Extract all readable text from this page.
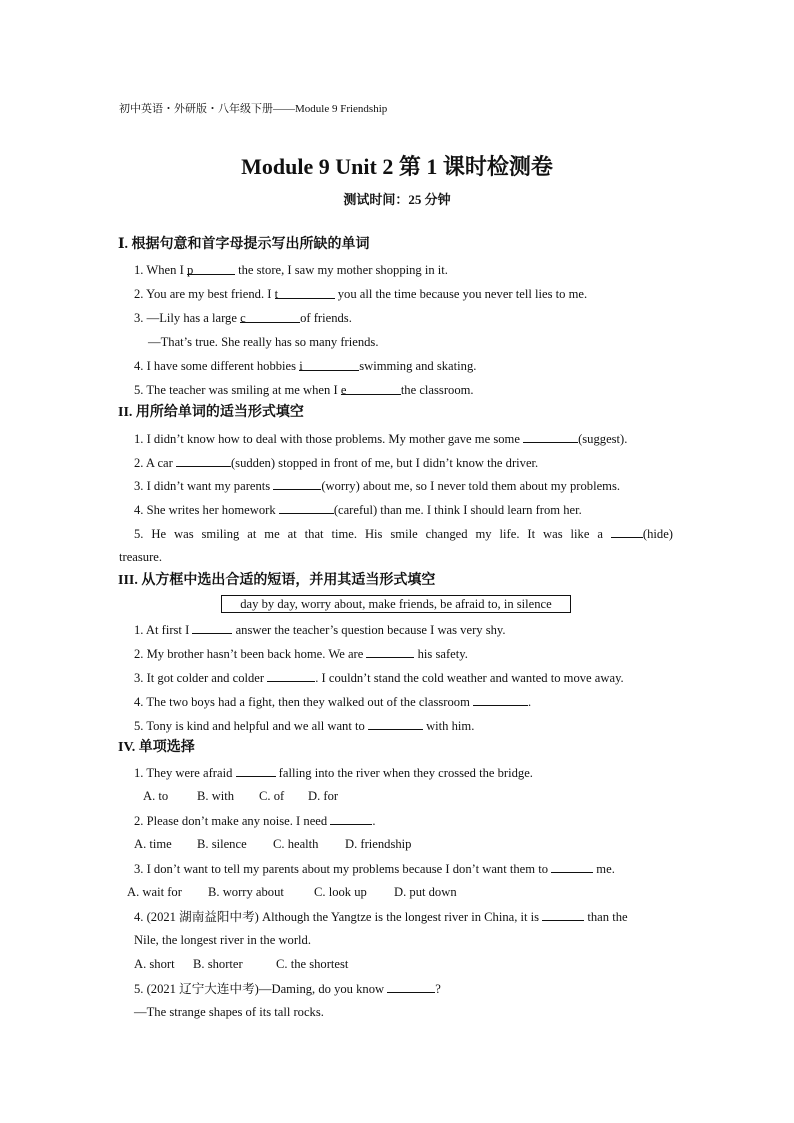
初中英语・外研版・八年级下册——Module 9 Friendship
Module 9 Unit 2 第 1 课时检测卷
测试时间：25 分钟
Ⅰ. 根据句意和首字母提示写出所缺的单词
1. When I p	the store, I saw my mother shopping in it.
2. You are my best friend. I t	you all the time because you never tell lies to me.
3. —Lily has a large c	of friends.
—That’s true. She really has so many friends.
4. I have some different hobbies i	swimming and skating.
5. The teacher was smiling at me when I e	the classroom.
II. 用所给单词的适当形式填空
1. I didn’t know how to deal with those problems. My mother gave me some	(suggest).
2. A car	(sudden) stopped in front of me, but I didn’t know the driver.
3. I didn’t want my parents	(worry) about me, so I never told them about my problems.
4. She writes her homework	(careful) than me. I think I should learn from her.
5. He was smiling at me at that time. His smile changed my life. It was like a	(hide)
treasure.
III. 从方框中选出合适的短语，并用其适当形式填空
day by day, worry about, make friends, be afraid to, in silence
1. At first I	answer the teacher’s question because I was very shy.
2. My brother hasn’t been back home. We are	his safety.
3. It got colder and colder	. I couldn’t stand the cold weather and wanted to move away.
4. The two boys had a fight, then they walked out of the classroom	.
5. Tony is kind and helpful and we all want to	with him.
IV. 单项选择
1. They were afraid	falling into the river when they crossed the bridge.
A. to B. with C. of D. for
2. Please don’t make any noise. I need	.
A. time B. silence C. health D. friendship
3. I don’t want to tell my parents about my problems because I don’t want them to	me.
A. wait for B. worry about C. look up D. put down
4. (2021 湖南益阳中考) Although the Yangtze is the longest river in China, it is	than the
Nile, the longest river in the world.
A. short B. shorter	C. the shortest
5. (2021 辽宁大连中考)—Daming, do you know	?
—The strange shapes of its tall rocks.
